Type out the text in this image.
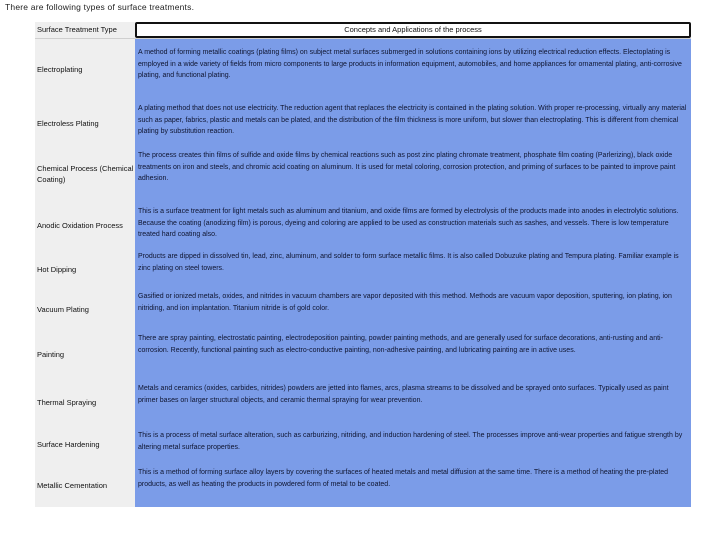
There are following types of surface treatments.
Surface Treatment Type	Concepts and Applications of the process
Electroplating
A method of forming metallic coatings (plating films) on subject metal surfaces submerged in solutions containing ions by utilizing electrical reduction effects. Electoplating is employed in a wide variety of fields from micro components to large products in information equipment, automobiles, and home appliances for ornamental plating, anti-corrosive plating, and functional plating.
Electroless Plating
A plating method that does not use electricity. The reduction agent that replaces the electricity is contained in the plating solution. With proper re-processing, virtually any material such as paper, fabrics, plastic and metals can be plated, and the distribution of the film thickness is more uniform, but slower than electroplating. This is different from chemical plating by substitution reaction.
Chemical Process (Chemical Coating)
The process creates thin films of sulfide and oxide films by chemical reactions such as post zinc plating chromate treatment, phosphate film coating (Parlerizing), black oxide treatments on iron and steels, and chromic acid coating on aluminum. It is used for metal coloring, corrosion protection, and priming of surfaces to be painted to improve paint adhesion.
Anodic Oxidation Process
This is a surface treatment for light metals such as aluminum and titanium, and oxide films are formed by electrolysis of the products made into anodes in electrolytic solutions. Because the coating (anodizing film) is porous, dyeing and coloring are applied to be used as construction materials such as sashes, and vessels. There is low temperature treated hard coating also.
Hot Dipping
Products are dipped in dissolved tin, lead, zinc, aluminum, and solder to form surface metallic films. It is also called Dobuzuke plating and Tempura plating. Familiar example is zinc plating on steel towers.
Vacuum Plating
Gasified or ionized metals, oxides, and nitrides in vacuum chambers are vapor deposited with this method. Methods are vacuum vapor deposition, sputtering, ion plating, ion nitriding, and ion implantation. Titanium nitride is of gold color.
Painting
There are spray painting, electrostatic painting, electrodeposition painting, powder painting methods, and are generally used for surface decorations, anti-rusting and anti-corrosion. Recently, functional painting such as electro-conductive painting, non-adhesive painting, and lubricating painting are in active uses.
Thermal Spraying
Metals and ceramics (oxides, carbides, nitrides) powders are jetted into flames, arcs, plasma streams to be dissolved and be sprayed onto surfaces. Typically used as paint primer bases on larger structural objects, and ceramic thermal spraying for wear prevention.
Surface Hardening
This is a process of metal surface alteration, such as carburizing, nitriding, and induction hardening of steel. The processes improve anti-wear properties and fatigue strength by altering metal surface properties.
Metallic Cementation
This is a method of forming surface alloy layers by covering the surfaces of heated metals and metal diffusion at the same time. There is a method of heating the pre-plated products, as well as heating the products in powdered form of metal to be coated.
